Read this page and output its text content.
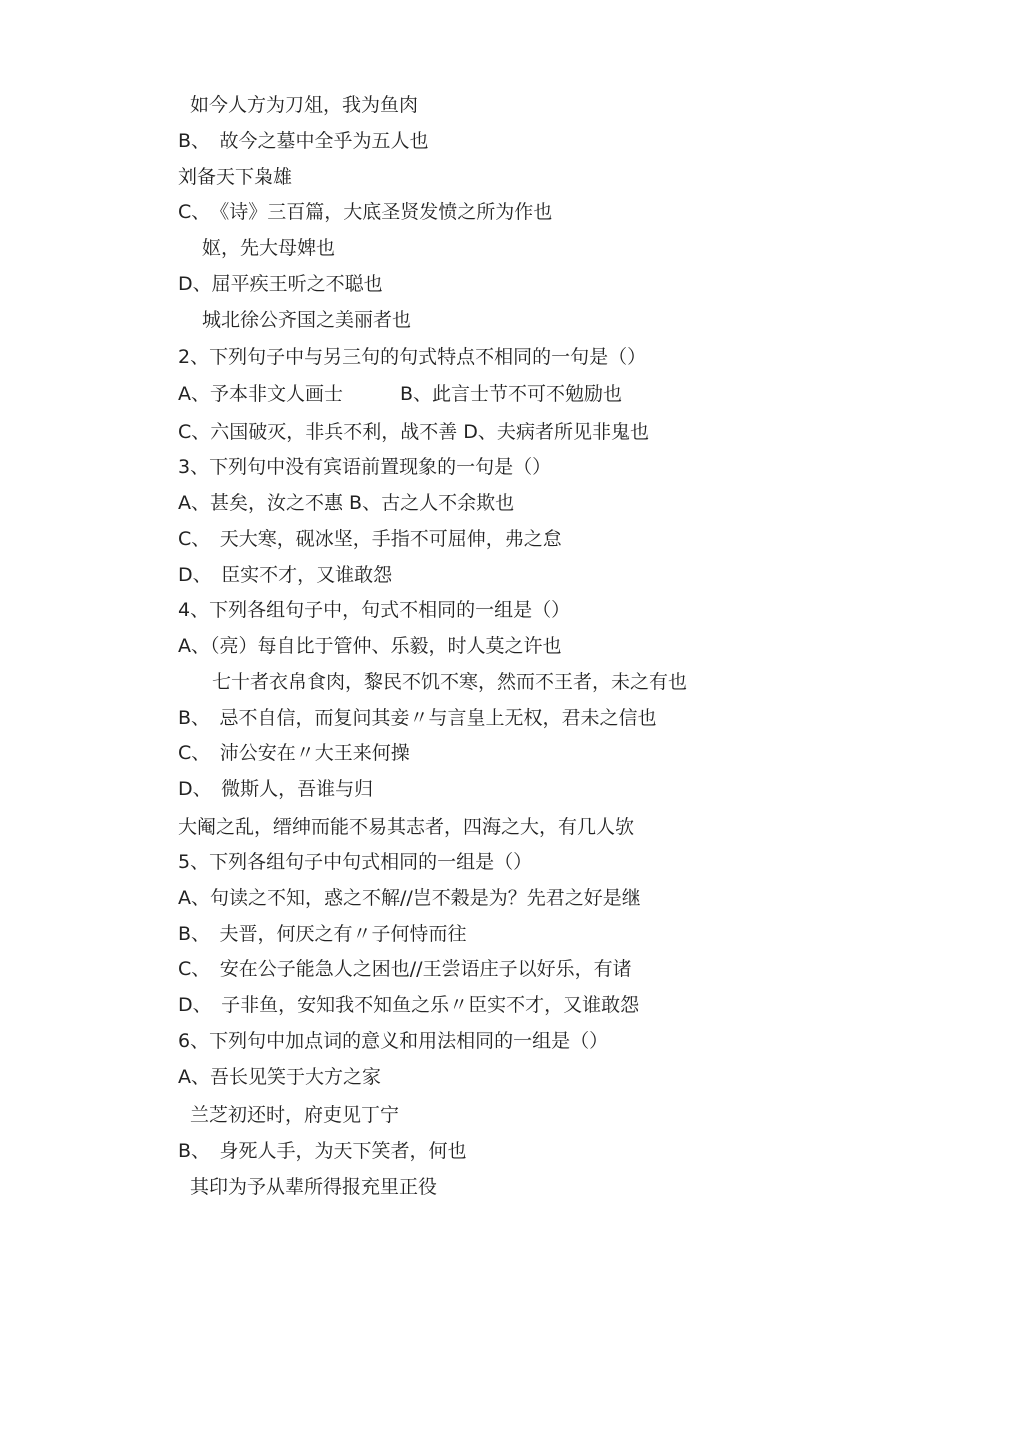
如今人方为刀俎，我为鱼肉
B、　故今之墓中全乎为五人也
刘备天下枭雄
C、　《诗》三百篇，大底圣贤发愤之所为作也
妪，先大母婢也
D、屈平疾王听之不聪也
城北徐公齐国之美丽者也
2、下列句子中与另三句的句式特点不相同的一句是（）
A、予本非文人画士　　　B、此言士节不可不勉励也
C、六国破灭，非兵不利，战不善 D、夫病者所见非鬼也
3、下列句中没有宾语前置现象的一句是（）
A、甚矣，汝之不惠 B、古之人不余欺也
C、　天大寒，砚冰坚，手指不可屈伸，弗之怠
D、　臣实不才，又谁敢怨
4、下列各组句子中，句式不相同的一组是（）
A、（亮）每自比于管仲、乐毅，时人莫之许也
七十者衣帛食肉，黎民不饥不寒，然而不王者，未之有也
B、　忌不自信，而复问其妾〃与言皇上无权，君未之信也
C、　沛公安在〃大王来何操
D、　微斯人，吾谁与归
大阉之乱，缙绅而能不易其志者，四海之大，有几人欤
5、下列各组句子中句式相同的一组是（）
A、句读之不知，惑之不解//岂不穀是为？先君之好是继
B、　夫晋，何厌之有〃子何恃而往
C、　安在公子能急人之困也//王尝语庄子以好乐，有诸
D、　子非鱼，安知我不知鱼之乐〃臣实不才，又谁敢怨
6、下列句中加点词的意义和用法相同的一组是（）
A、吾长见笑于大方之家
兰芝初还时，府吏见丁宁
B、　身死人手，为天下笑者，何也
其印为予从辈所得报充里正役
